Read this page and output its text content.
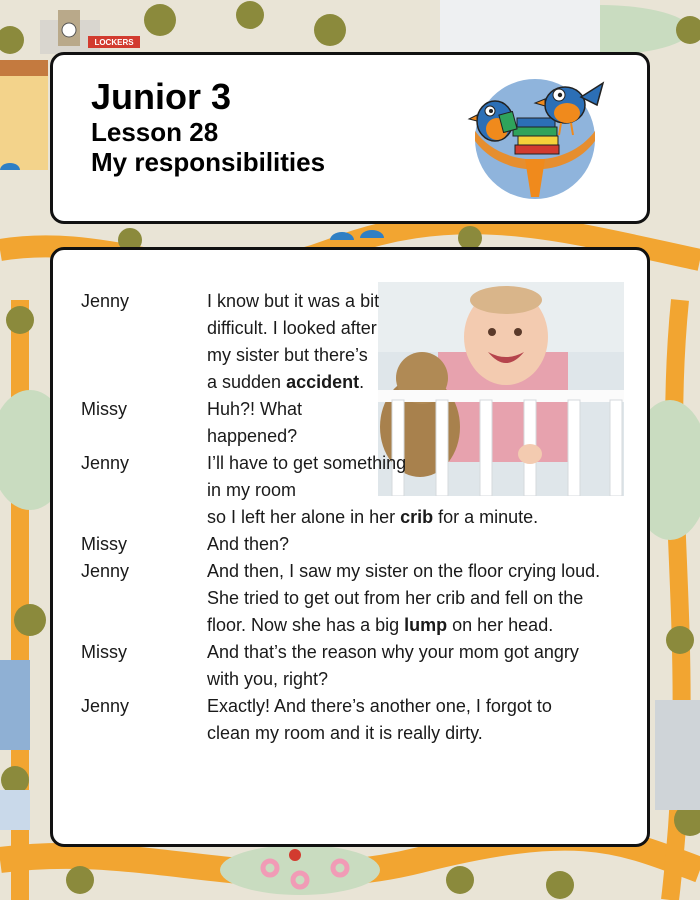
LOCKERS
Junior 3
Lesson 28
My responsibilities
Jenny	I know but it was a bit difficult. I looked after my sister but there’s a sudden accident.
Missy	Huh?! What happened?
Jenny	I’ll have to get something in my room
so I left her alone in her crib for a minute.
Missy	And then?
Jenny	And then, I saw my sister on the floor crying loud. She tried to get out from her crib and fell on the floor. Now she has a big lump on her head.
Missy	And that’s the reason why your mom got angry with you, right?
Jenny	Exactly! And there’s another one, I forgot to clean my room and it is really dirty.
